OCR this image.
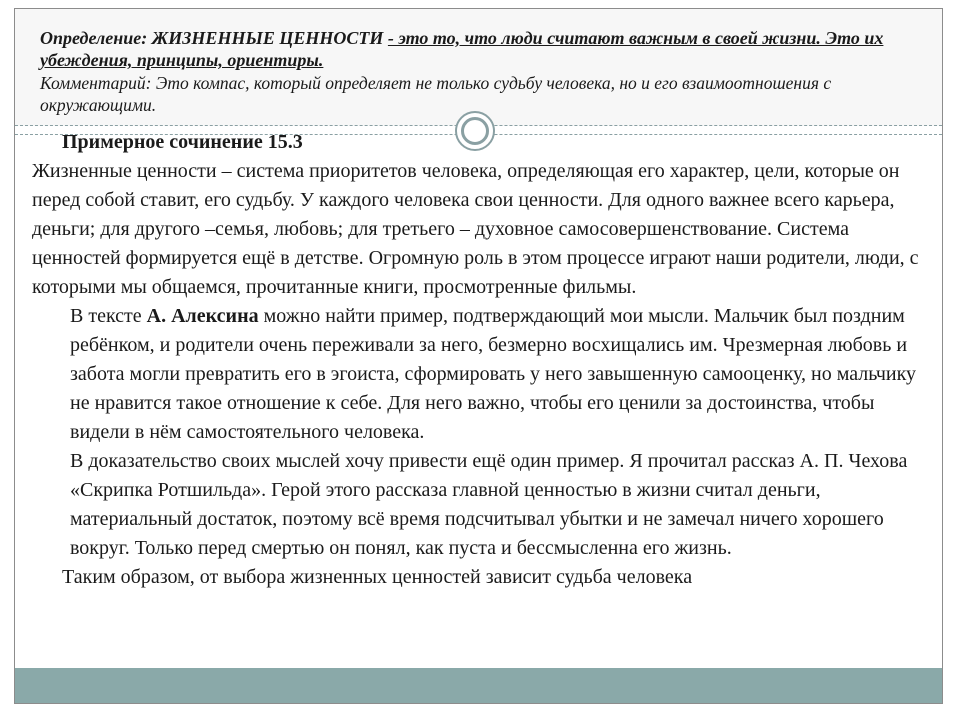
Определение: ЖИЗНЕННЫЕ ЦЕННОСТИ - это то, что люди считают важным в своей жизни. Это их убеждения, принципы, ориентиры.
Комментарий: Это компас, который определяет не только судьбу человека, но и его взаимоотношения с окружающими.

Примерное сочинение 15.3

Жизненные ценности – система приоритетов человека, определяющая его характер, цели, которые он перед собой ставит, его судьбу. У каждого человека свои ценности. Для одного важнее всего карьера, деньги; для другого –семья, любовь; для третьего – духовное самосовершенствование. Система ценностей формируется ещё в детстве. Огромную роль в этом процессе играют наши родители, люди, с которыми мы общаемся, прочитанные книги, просмотренные фильмы.

В тексте А. Алексина можно найти пример, подтверждающий мои мысли. Мальчик был поздним ребёнком, и родители очень переживали за него, безмерно восхищались им. Чрезмерная любовь и забота могли превратить его в эгоиста, сформировать у него завышенную самооценку, но мальчику не нравится такое отношение к себе. Для него важно, чтобы его ценили за достоинства, чтобы видели в нём самостоятельного человека.

В доказательство своих мыслей хочу привести ещё один пример. Я прочитал рассказ А. П. Чехова «Скрипка Ротшильда». Герой этого рассказа главной ценностью в жизни считал деньги, материальный достаток, поэтому всё время подсчитывал убытки и не замечал ничего хорошего вокруг. Только перед смертью он понял, как пуста и бессмысленна его жизнь.

Таким образом, от выбора жизненных ценностей зависит судьба человека
